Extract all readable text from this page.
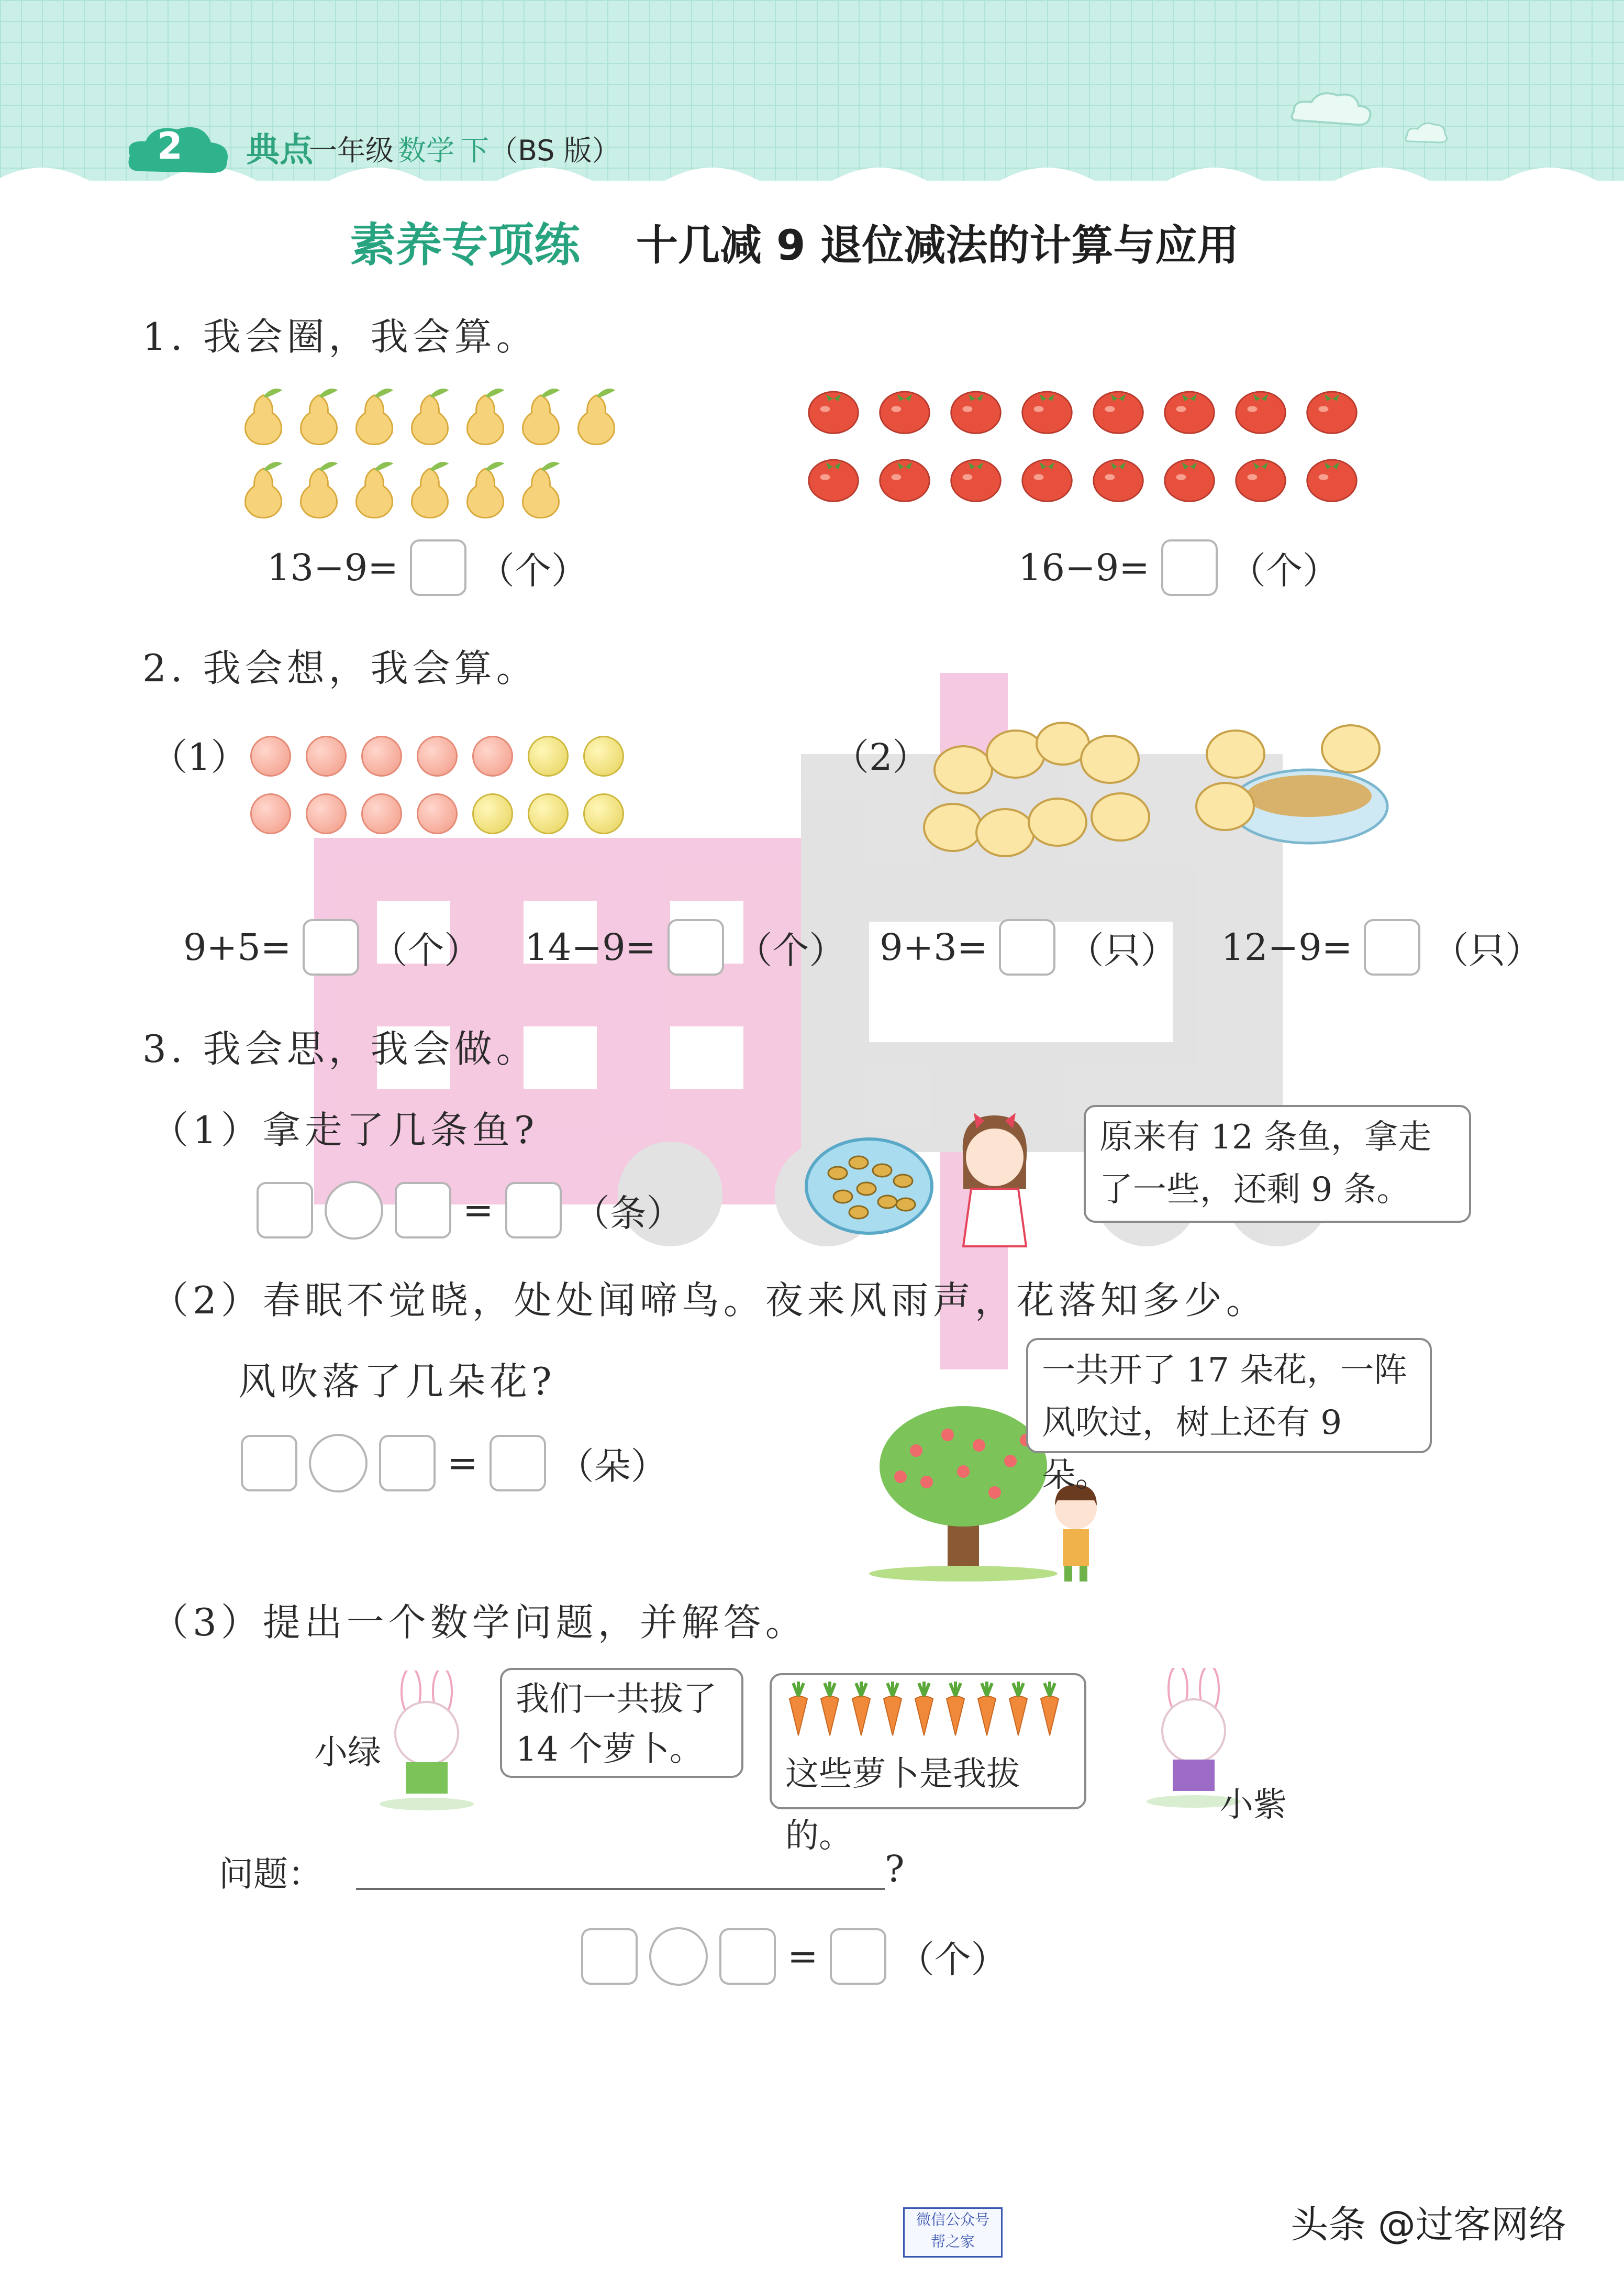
2 典点
一年级 数学 下 （BS 版）
素养专项练 十几减 9 退位减法的计算与应用
1. 我会圈，我会算。
13−9= （个）	16−9= （个）
2. 我会想，我会算。
（1）	（2）
9+5= （个） 14−9= （个） 9+3= （只） 12−9= （只）
3. 我会思，我会做。
（1）拿走了几条鱼?
= （条）
原来有 12 条鱼，拿走
了一些，还剩 9 条。
（2）春眠不觉晓，处处闻啼鸟。夜来风雨声，花落知多少。
风吹落了几朵花?
= （朵）
一共开了 17 朵花，一阵
风吹过，树上还有 9 朵。
（3）提出一个数学问题，并解答。
小绿
我们一共拔了
14 个萝卜。
这些萝卜是我拔的。
小紫
问题：	?
= （个）
微信公众号
帮之家	头条 @过客网络
